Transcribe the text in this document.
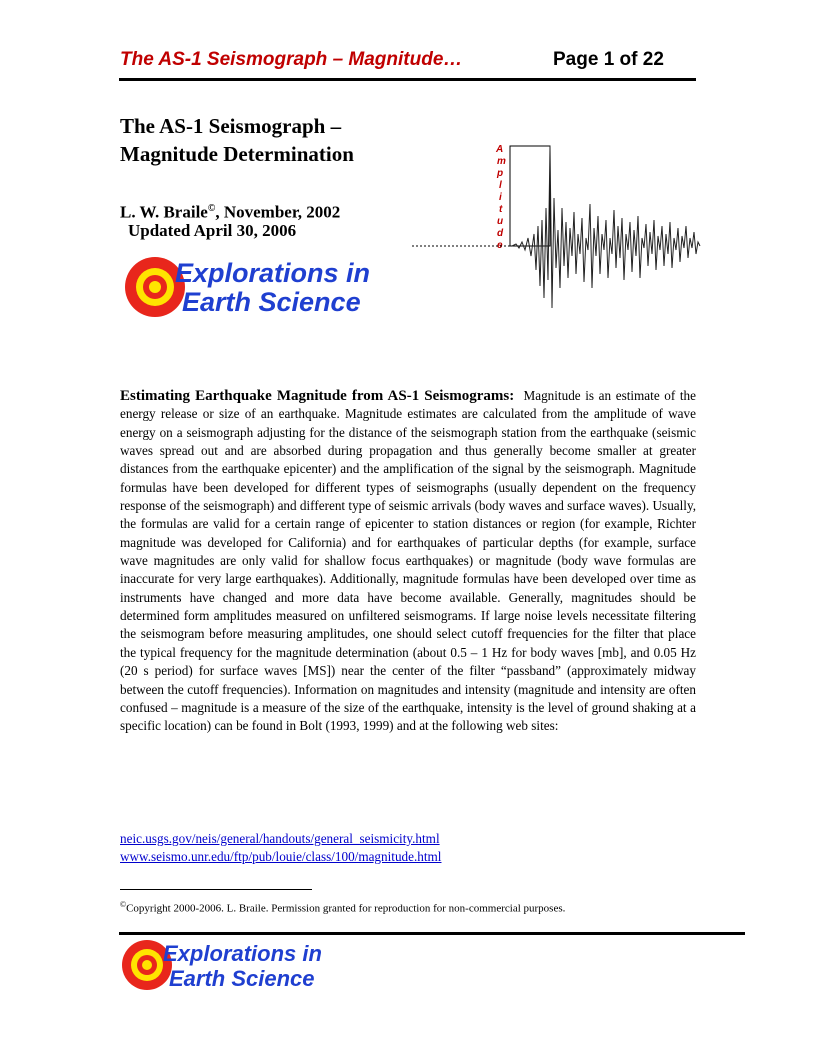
The AS-1 Seismograph – Magnitude…	Page 1 of 22
The AS-1 Seismograph –
Magnitude Determination
L. W. Braile©, November, 2002
Updated April 30, 2006
Explorations in
Earth Science
A
m
p
l
i
t
u
d
e
Estimating Earthquake Magnitude from AS-1 Seismograms: Magnitude is an estimate of the energy release or size of an earthquake. Magnitude estimates are calculated from the amplitude of wave energy on a seismograph adjusting for the distance of the seismograph station from the earthquake (seismic waves spread out and are absorbed during propagation and thus generally become smaller at greater distances from the earthquake epicenter) and the amplification of the signal by the seismograph. Magnitude formulas have been developed for different types of seismographs (usually dependent on the frequency response of the seismograph) and different type of seismic arrivals (body waves and surface waves). Usually, the formulas are valid for a certain range of epicenter to station distances or region (for example, Richter magnitude was developed for California) and for earthquakes of particular depths (for example, surface wave magnitudes are only valid for shallow focus earthquakes) or magnitude (body wave formulas are inaccurate for very large earthquakes). Additionally, magnitude formulas have been developed over time as instruments have changed and more data have become available. Generally, magnitudes should be determined form amplitudes measured on unfiltered seismograms. If large noise levels necessitate filtering the seismogram before measuring amplitudes, one should select cutoff frequencies for the filter that place the typical frequency for the magnitude determination (about 0.5 – 1 Hz for body waves [mb], and 0.05 Hz (20 s period) for surface waves [MS]) near the center of the filter “passband” (approximately midway between the cutoff frequencies). Information on magnitudes and intensity (magnitude and intensity are often confused – magnitude is a measure of the size of the earthquake, intensity is the level of ground shaking at a specific location) can be found in Bolt (1993, 1999) and at the following web sites:
neic.usgs.gov/neis/general/handouts/general_seismicity.html
www.seismo.unr.edu/ftp/pub/louie/class/100/magnitude.html
©Copyright 2000-2006. L. Braile. Permission granted for reproduction for non-commercial purposes.
Explorations in
Earth Science
